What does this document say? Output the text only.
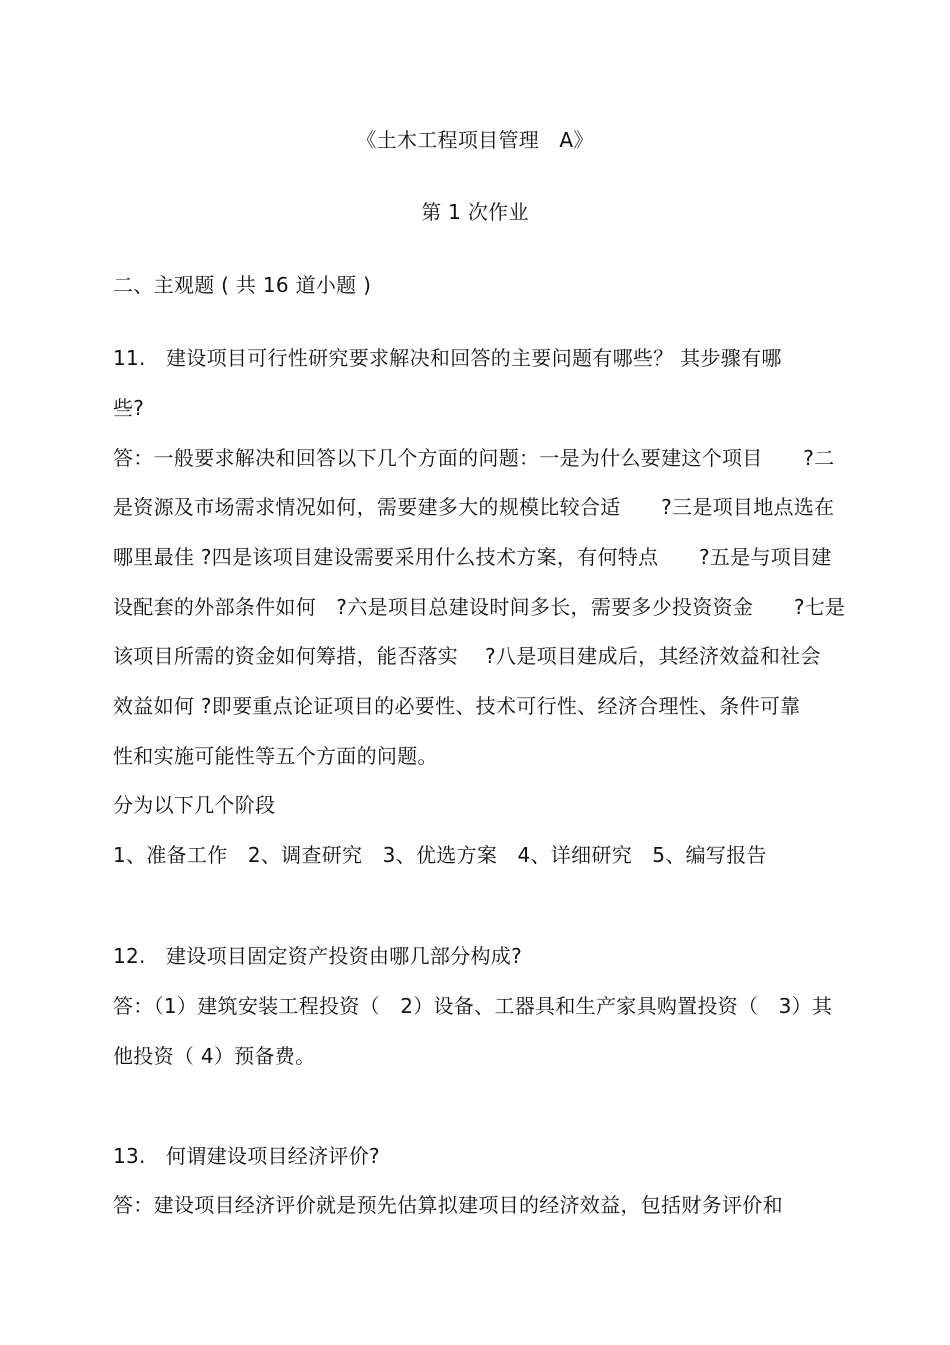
《土木工程项目管理　A》
第 1 次作业
二、主观题 ( 共 16 道小题 )
11.　建设项目可行性研究要求解决和回答的主要问题有哪些？ 其步骤有哪
些?
答：一般要求解决和回答以下几个方面的问题：一是为什么要建这个项目　　?二
是资源及市场需求情况如何，需要建多大的规模比较合适　　?三是项目地点选在
哪里最佳 ?四是该项目建设需要采用什么技术方案，有何特点　　?五是与项目建
设配套的外部条件如何　?六是项目总建设时间多长，需要多少投资资金　　?七是
该项目所需的资金如何筹措，能否落实　 ?八是项目建成后，其经济效益和社会
效益如何 ?即要重点论证项目的必要性、技术可行性、经济合理性、条件可靠
性和实施可能性等五个方面的问题。
分为以下几个阶段
1、准备工作　2、调查研究　3、优选方案　4、详细研究　5、编写报告
12.　建设项目固定资产投资由哪几部分构成?
答：（1）建筑安装工程投资（　2）设备、工器具和生产家具购置投资（　3）其
他投资（ 4）预备费。
13.　何谓建设项目经济评价?
答：建设项目经济评价就是预先估算拟建项目的经济效益，包括财务评价和
